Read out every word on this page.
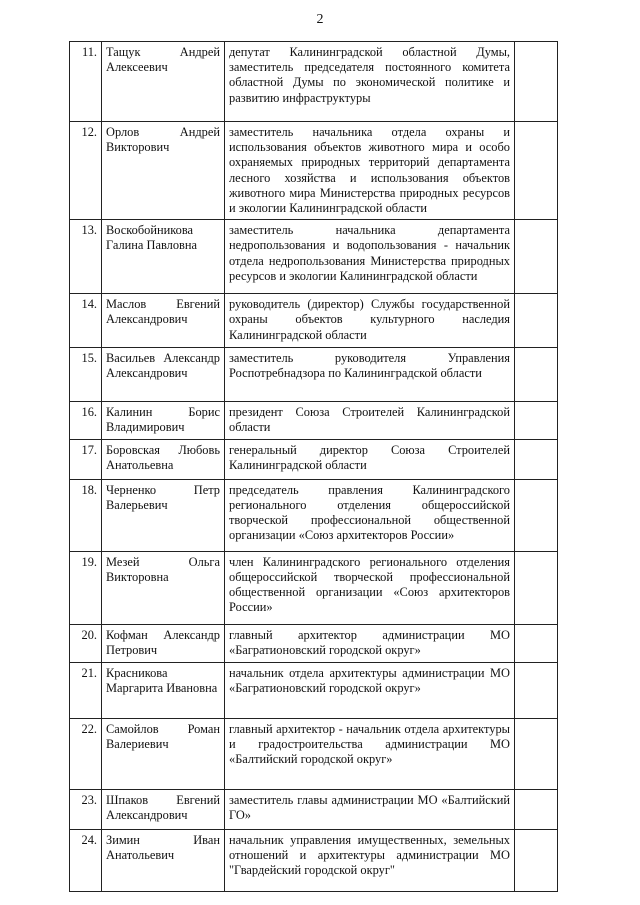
2
11.	Тащук Андрей Алексеевич	депутат Калининградской областной Думы, заместитель председателя постоянного комитета областной Думы по экономической политике и развитию инфраструктуры	
12.	Орлов Андрей Викторович	заместитель начальника отдела охраны и использования объектов животного мира и особо охраняемых природных территорий департамента лесного хозяйства и использования объектов животного мира Министерства природных ресурсов и экологии Калининградской области	
13.	Воскобойникова Галина Павловна	заместитель начальника департамента недропользования и водопользования - начальник отдела недропользования Министерства природных ресурсов и экологии Калининградской области	
14.	Маслов Евгений Александрович	руководитель (директор) Службы государственной охраны объектов культурного наследия Калининградской области	
15.	Васильев Александр Александрович	заместитель руководителя Управления Роспотребнадзора по Калининградской области	
16.	Калинин Борис Владимирович	президент Союза Строителей Калининградской области	
17.	Боровская Любовь Анатольевна	генеральный директор Союза Строителей Калининградской области	
18.	Черненко Петр Валерьевич	председатель правления Калининградского регионального отделения общероссийской творческой профессиональной общественной организации «Союз архитекторов России»	
19.	Мезей Ольга Викторовна	член Калининградского регионального отделения общероссийской творческой профессиональной общественной организации «Союз архитекторов России»	
20.	Кофман Александр Петрович	главный архитектор администрации МО «Багратионовский городской округ»	
21.	Красникова Маргарита Ивановна	начальник отдела архитектуры администрации МО «Багратионовский городской округ»	
22.	Самойлов Роман Валериевич	главный архитектор - начальник отдела архитектуры и градостроительства администрации МО «Балтийский городской округ»	
23.	Шпаков Евгений Александрович	заместитель главы администрации МО «Балтийский ГО»	
24.	Зимин Иван Анатольевич	начальник управления имущественных, земельных отношений и архитектуры администрации МО "Гвардейский городской округ"	
